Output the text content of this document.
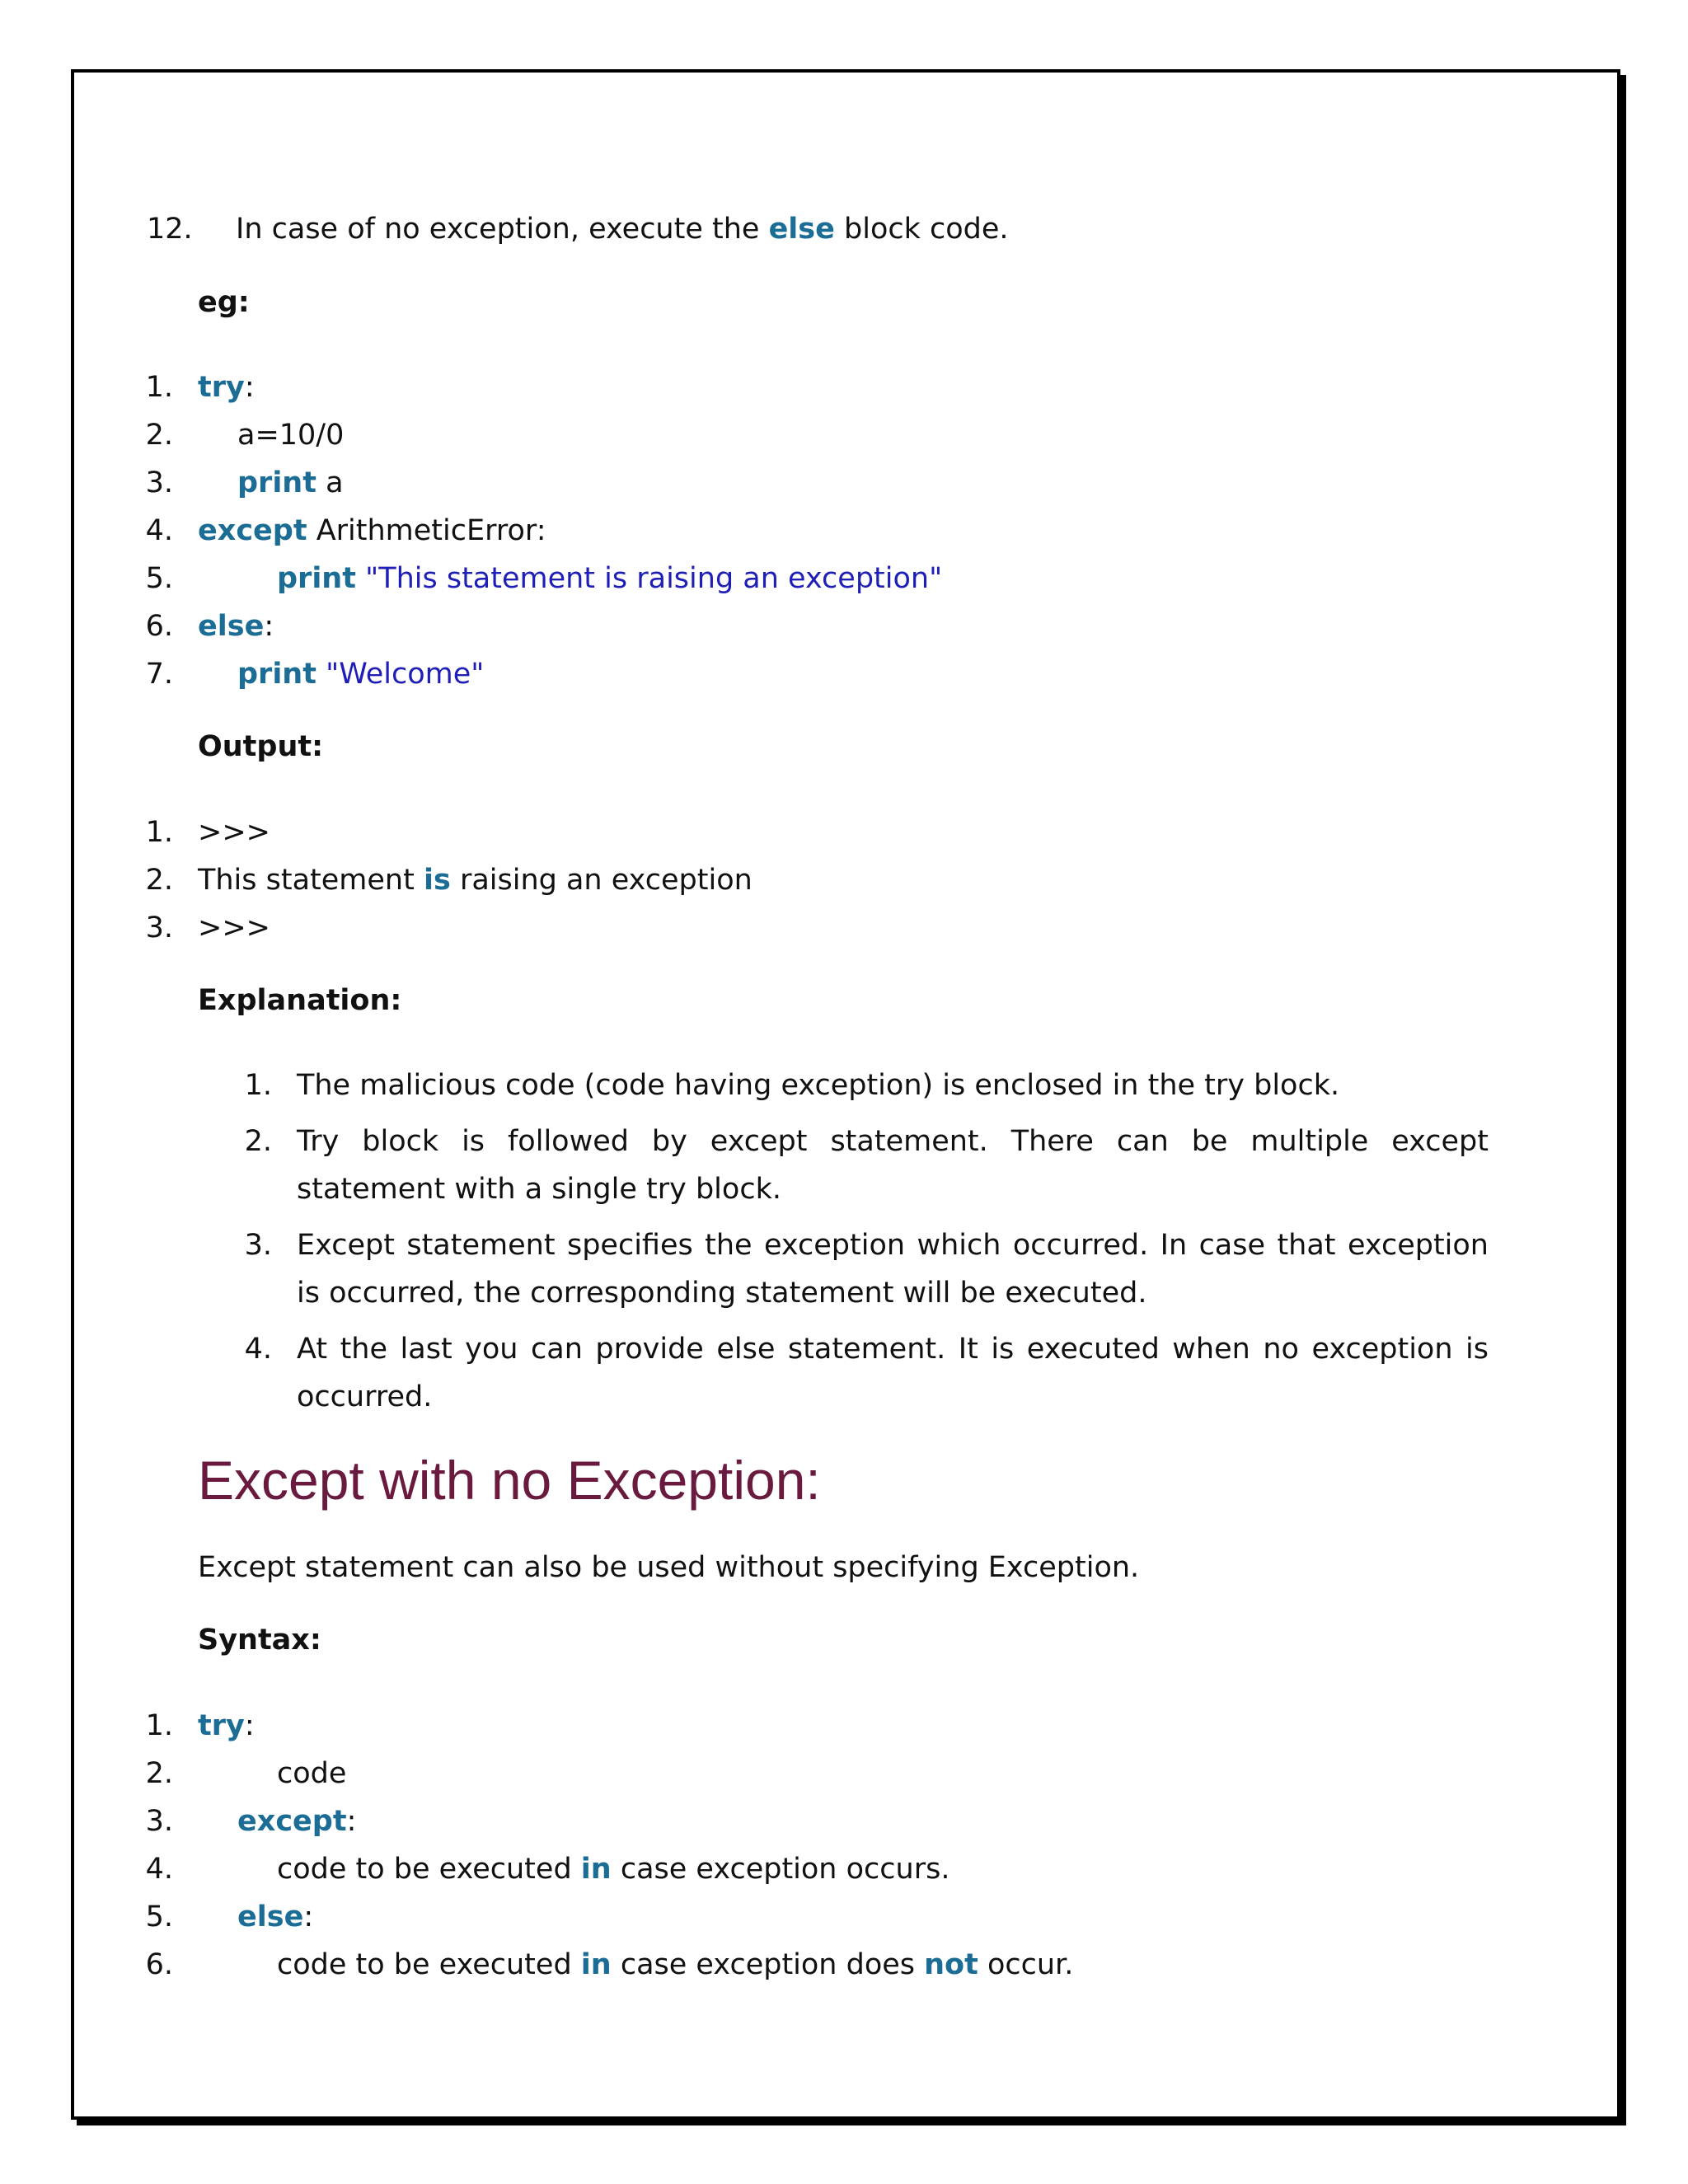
12. In case of no exception, execute the else block code.
eg:
1. try:
2. a=10/0
3. print a
4. except ArithmeticError:
5.	print "This statement is raising an exception"
6. else:
7. print "Welcome"
Output:
1. >>>
2. This statement is raising an exception
3. >>>
Explanation:
1. The malicious code (code having exception) is enclosed in the try block.
2. Try block is followed by except statement. There can be multiple except statement with a single try block.
3. Except statement specifies the exception which occurred. In case that exception is occurred, the corresponding statement will be executed.
4. At the last you can provide else statement. It is executed when no exception is occurred.
Except with no Exception:
Except statement can also be used without specifying Exception.
Syntax:
1. try:
2.	code
3. except:
4.	code to be executed in case exception occurs.
5. else:
6.	code to be executed in case exception does not occur.
